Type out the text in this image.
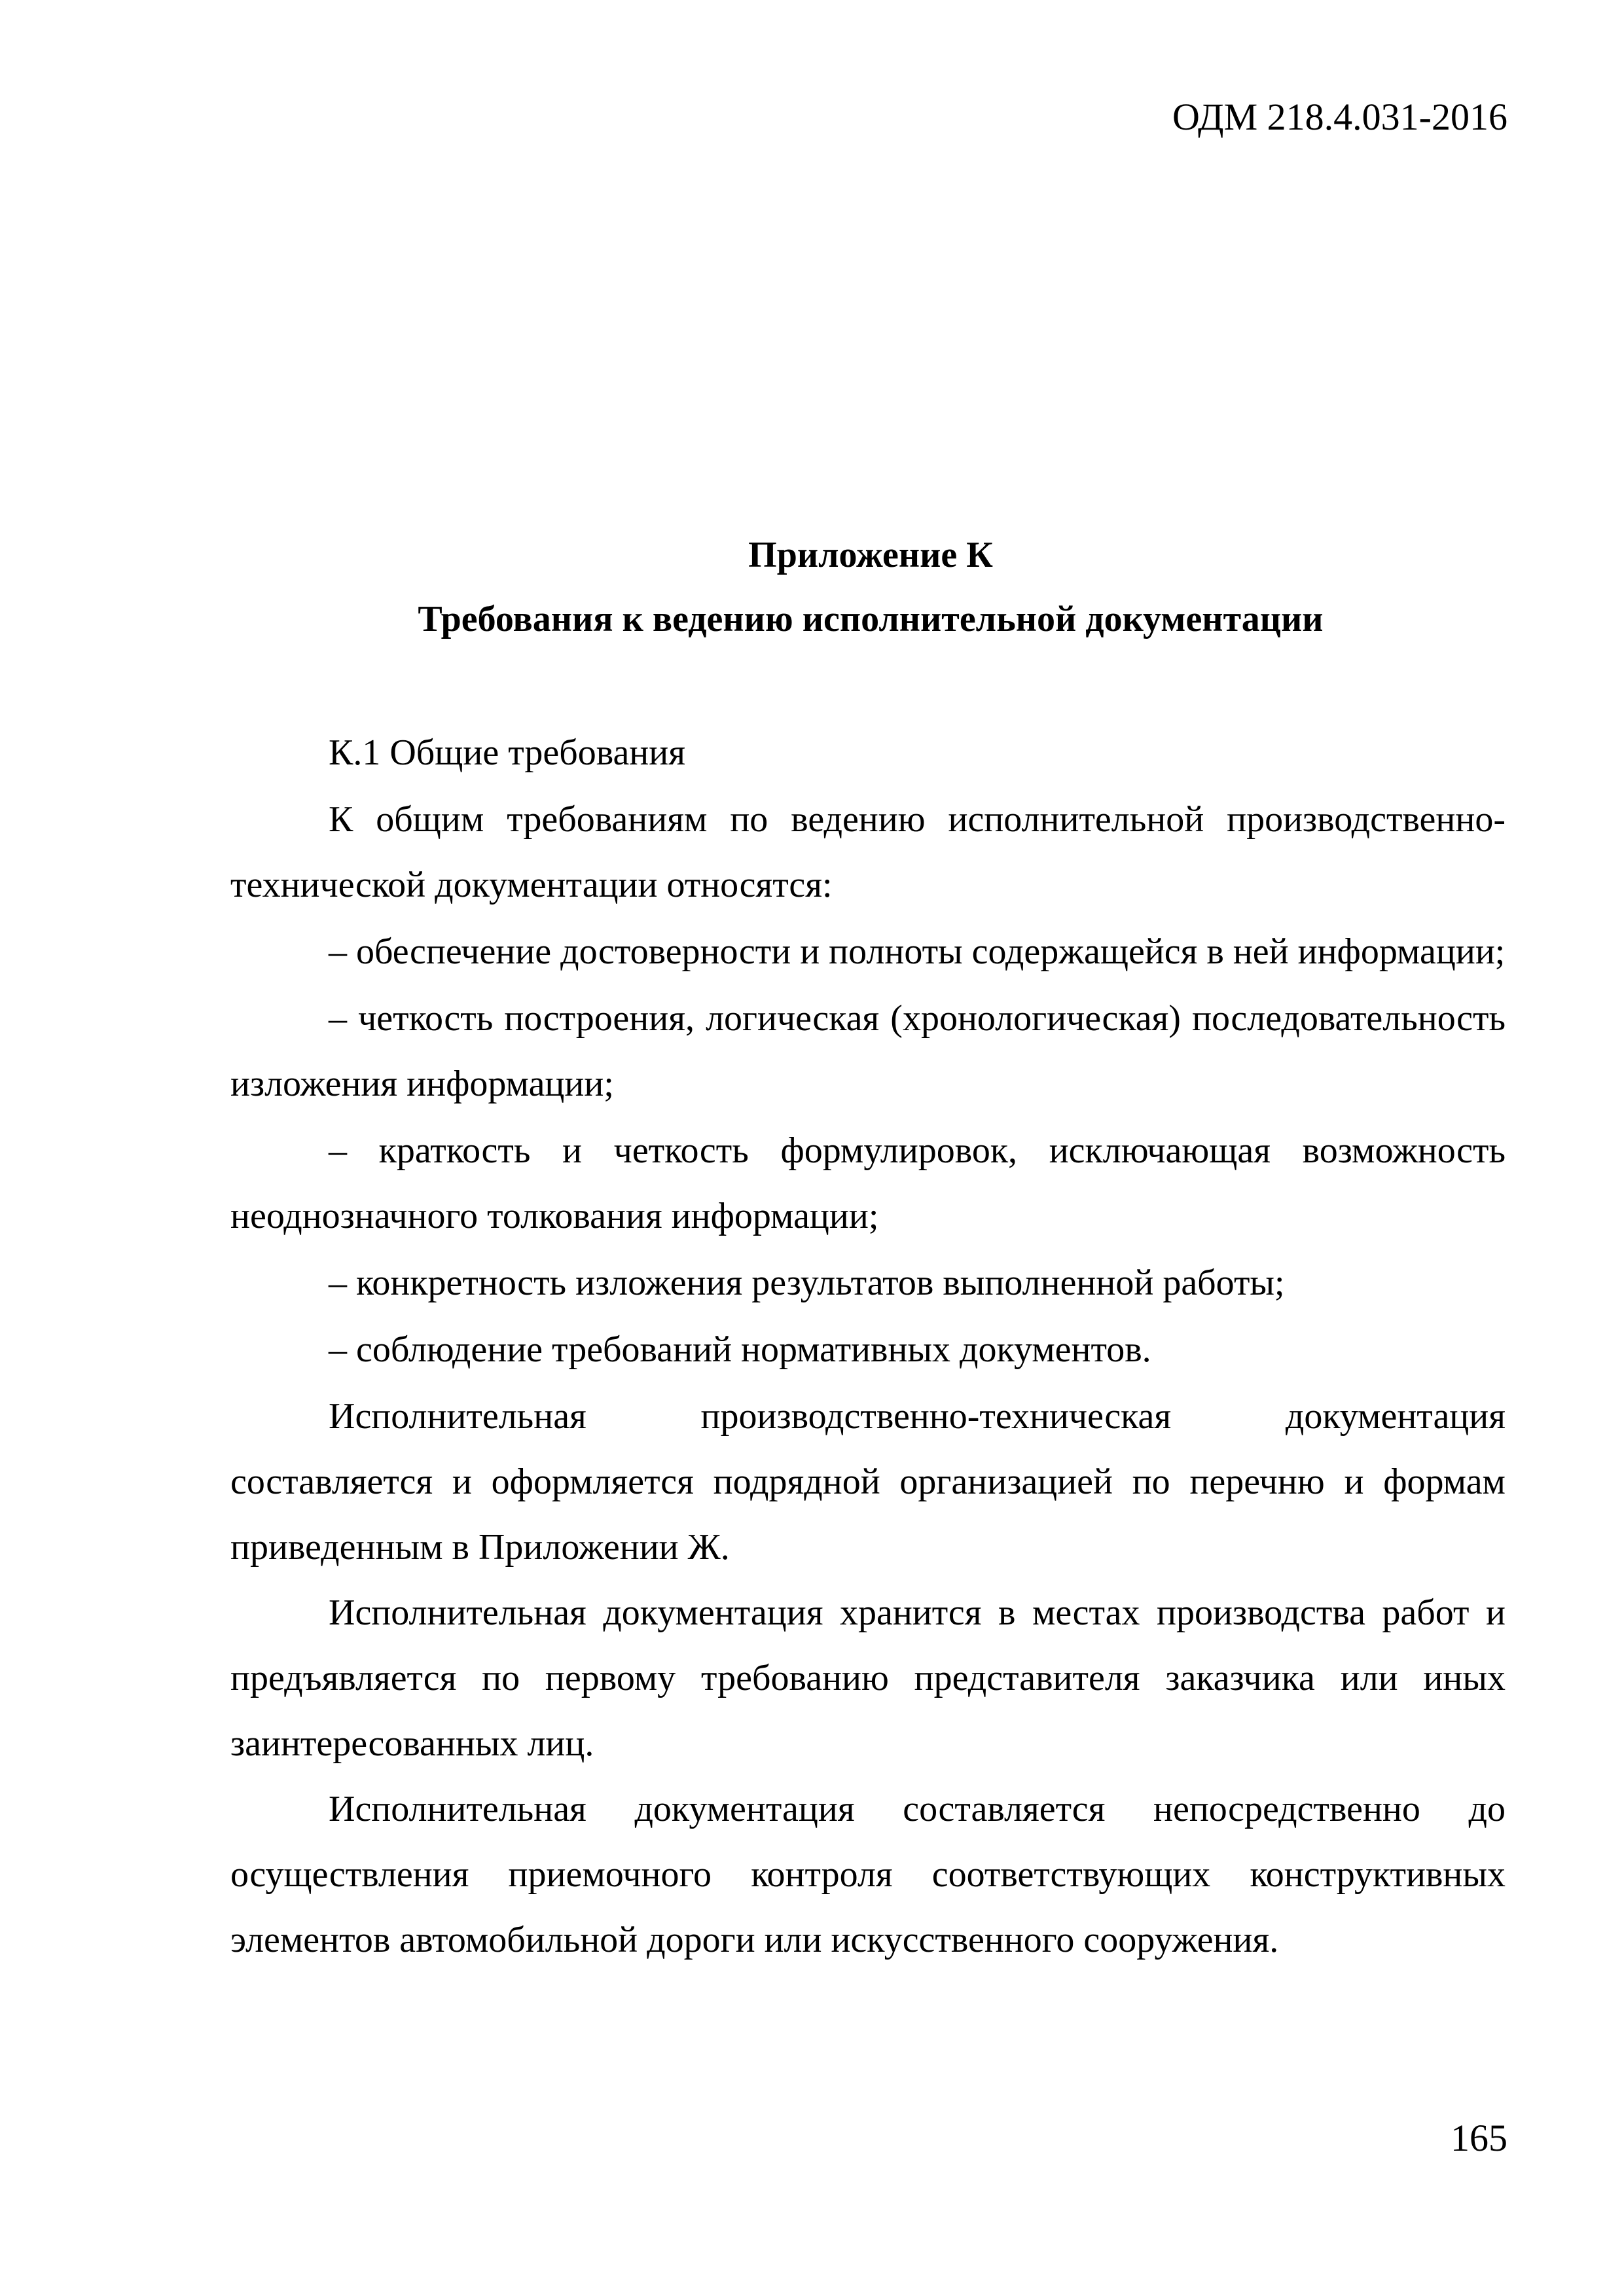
ОДМ 218.4.031-2016
Приложение К
Требования к ведению исполнительной документации

К.1 Общие требования

К общим требованиям по ведению исполнительной производственно-технической документации относятся:

– обеспечение достоверности и полноты содержащейся в ней информации;

– четкость построения, логическая (хронологическая) последовательность изложения информации;

– краткость и четкость формулировок, исключающая возможность неоднозначного толкования информации;

– конкретность изложения результатов выполненной работы;

– соблюдение требований нормативных документов.

Исполнительная производственно-техническая документация составляется и оформляется подрядной организацией по перечню и формам приведенным в Приложении Ж.

Исполнительная документация хранится в местах производства работ и предъявляется по первому требованию представителя заказчика или иных заинтересованных лиц.

Исполнительная документация составляется непосредственно до осуществления приемочного контроля соответствующих конструктивных элементов автомобильной дороги или искусственного сооружения.

165
